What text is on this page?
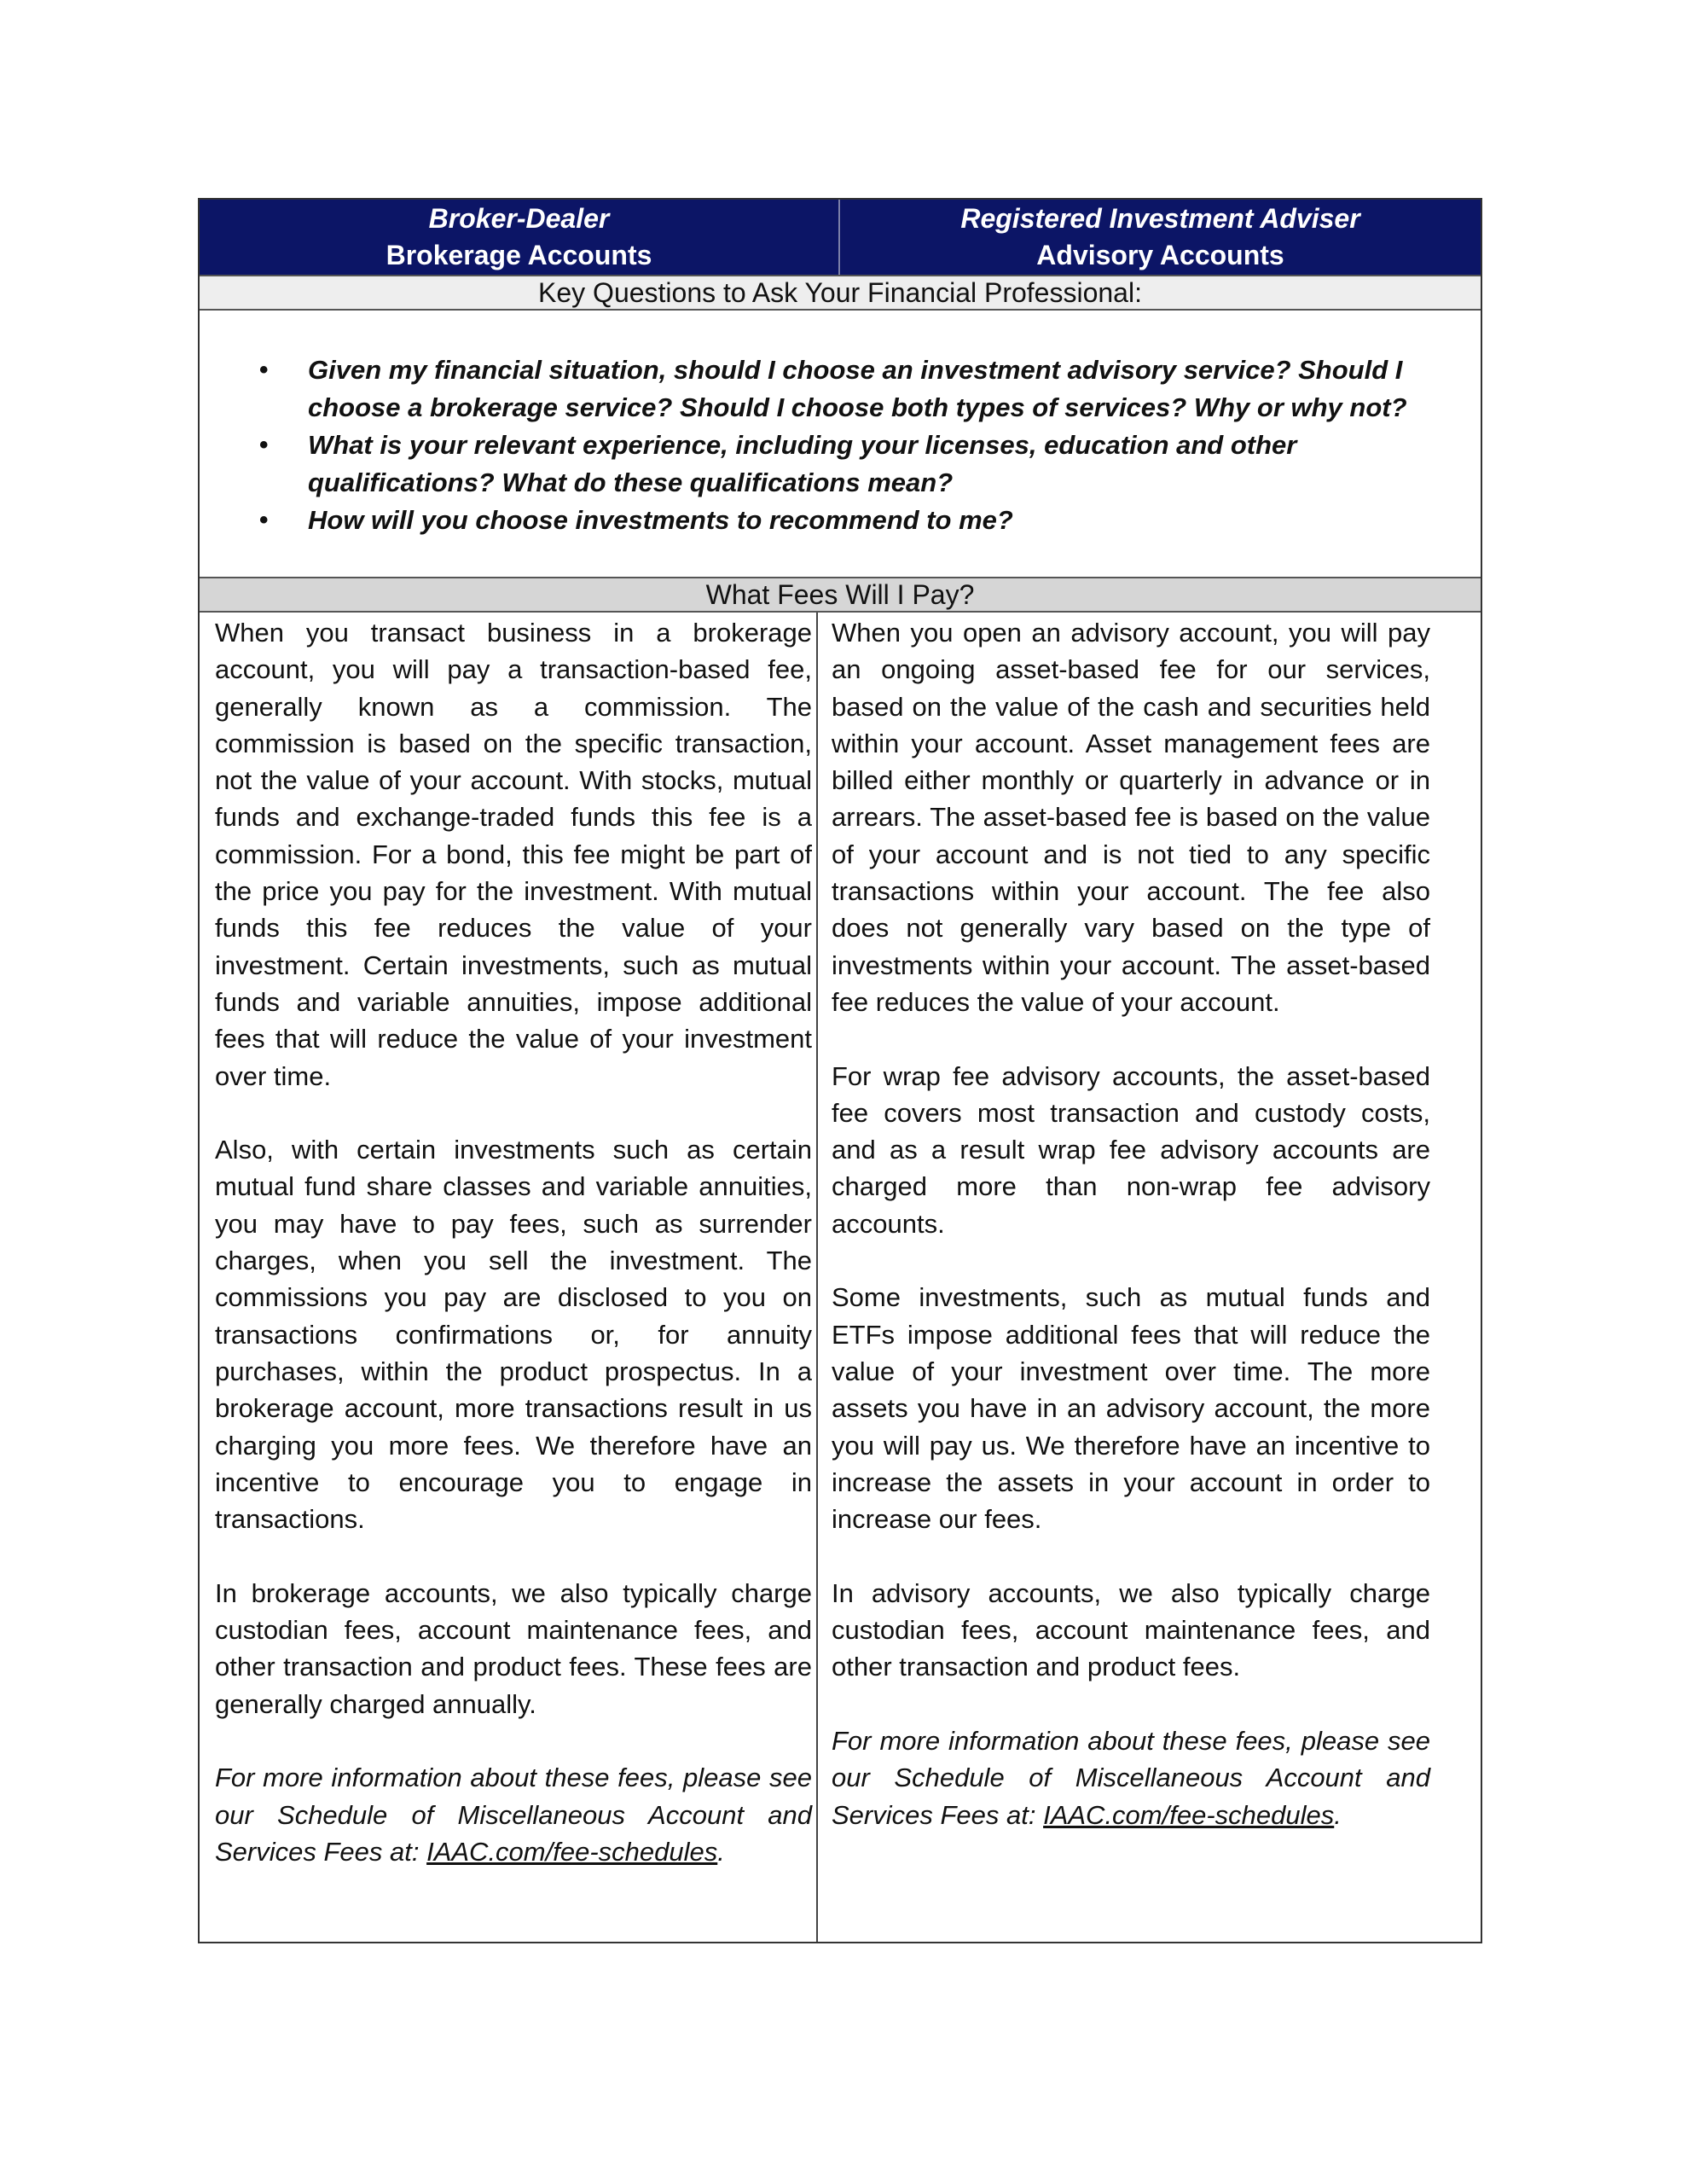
Broker-Dealer
Brokerage Accounts
Registered Investment Adviser
Advisory Accounts
Key Questions to Ask Your Financial Professional:
• Given my financial situation, should I choose an investment advisory service? Should I choose a brokerage service? Should I choose both types of services? Why or why not?
• What is your relevant experience, including your licenses, education and other qualifications? What do these qualifications mean?
• How will you choose investments to recommend to me?
What Fees Will I Pay?

When you transact business in a brokerage account, you will pay a transaction-based fee, generally known as a commission. The commission is based on the specific transaction, not the value of your account. With stocks, mutual funds and exchange-traded funds this fee is a commission. For a bond, this fee might be part of the price you pay for the investment. With mutual funds this fee reduces the value of your investment. Certain investments, such as mutual funds and variable annuities, impose additional fees that will reduce the value of your investment over time.

Also, with certain investments such as certain mutual fund share classes and variable annuities, you may have to pay fees, such as surrender charges, when you sell the investment. The commissions you pay are disclosed to you on transactions confirmations or, for annuity purchases, within the product prospectus. In a brokerage account, more transactions result in us charging you more fees. We therefore have an incentive to encourage you to engage in transactions.

In brokerage accounts, we also typically charge custodian fees, account maintenance fees, and other transaction and product fees. These fees are generally charged annually.

For more information about these fees, please see our Schedule of Miscellaneous Account and Services Fees at: IAAC.com/fee-schedules.

When you open an advisory account, you will pay an ongoing asset-based fee for our services, based on the value of the cash and securities held within your account. Asset management fees are billed either monthly or quarterly in advance or in arrears. The asset-based fee is based on the value of your account and is not tied to any specific transactions within your account. The fee also does not generally vary based on the type of investments within your account. The asset-based fee reduces the value of your account.

For wrap fee advisory accounts, the asset-based fee covers most transaction and custody costs, and as a result wrap fee advisory accounts are charged more than non-wrap fee advisory accounts.

Some investments, such as mutual funds and ETFs impose additional fees that will reduce the value of your investment over time. The more assets you have in an advisory account, the more you will pay us. We therefore have an incentive to increase the assets in your account in order to increase our fees.

In advisory accounts, we also typically charge custodian fees, account maintenance fees, and other transaction and product fees.

For more information about these fees, please see our Schedule of Miscellaneous Account and Services Fees at: IAAC.com/fee-schedules.
